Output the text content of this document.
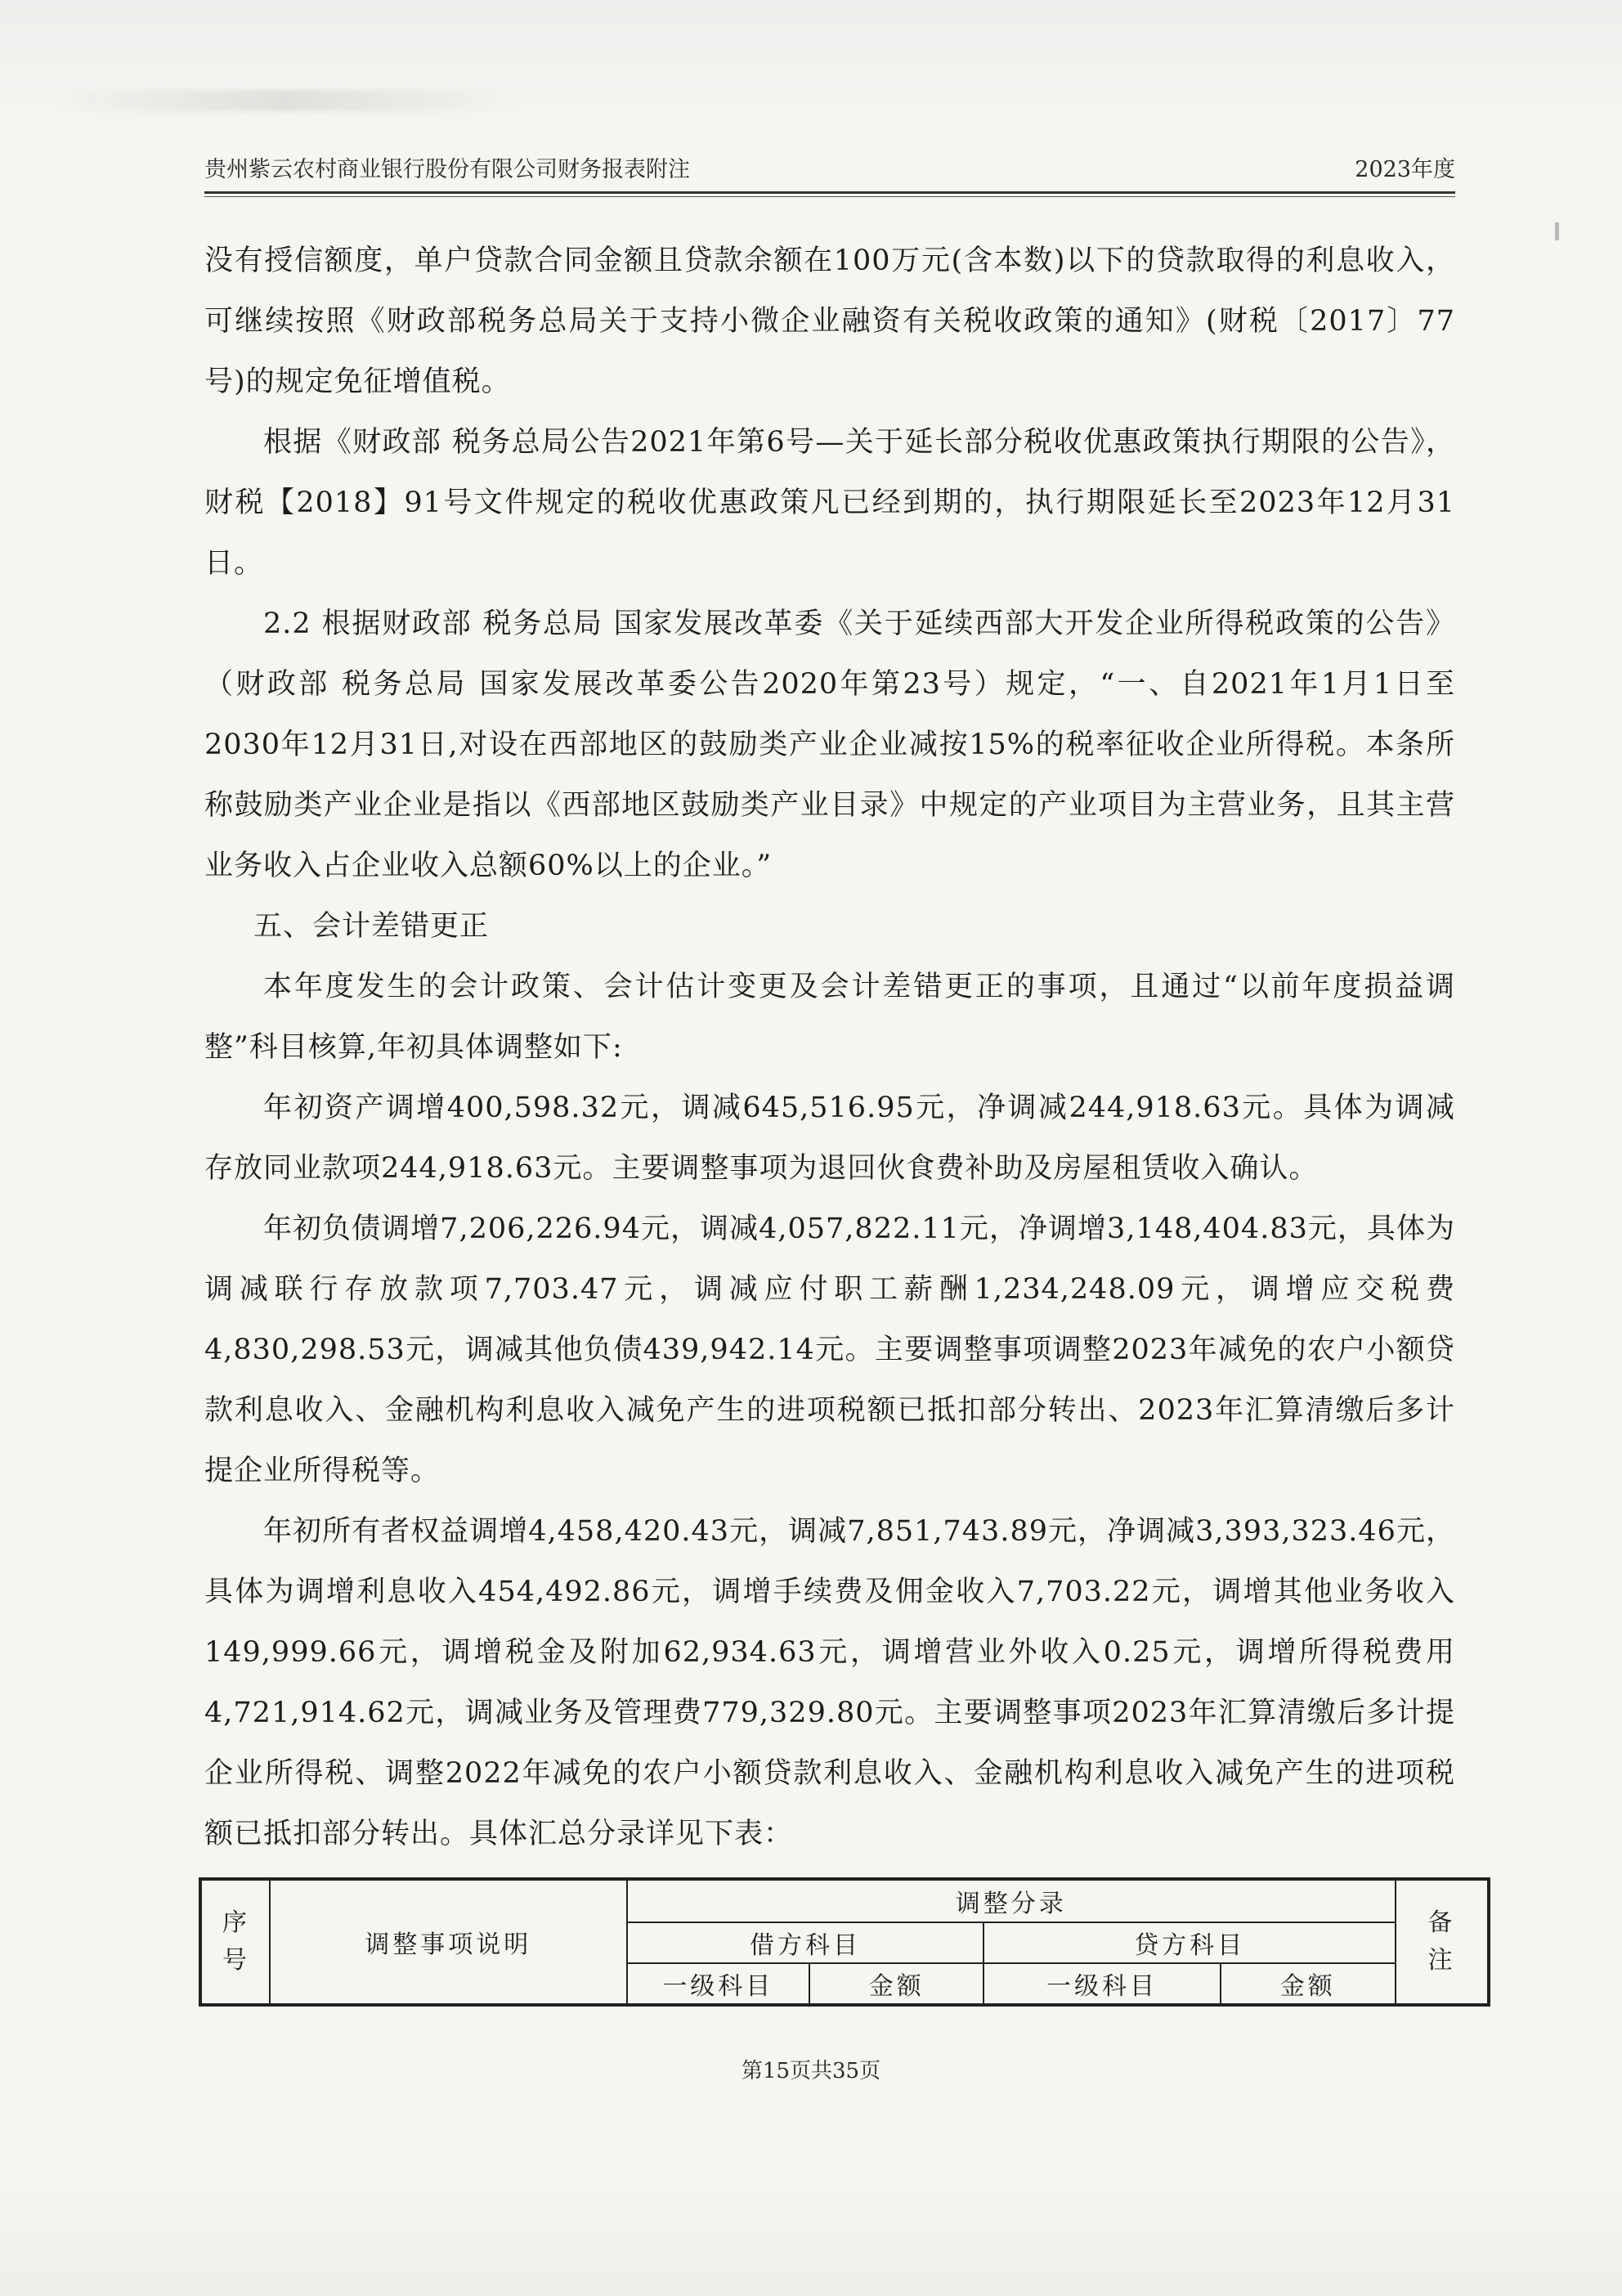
贵州紫云农村商业银行股份有限公司财务报表附注	2023年度

没有授信额度，单户贷款合同金额且贷款余额在100万元(含本数)以下的贷款取得的利息收入，可继续按照《财政部税务总局关于支持小微企业融资有关税收政策的通知》(财税〔2017〕77号)的规定免征增值税。

根据《财政部 税务总局公告2021年第6号—关于延长部分税收优惠政策执行期限的公告》，财税【2018】91号文件规定的税收优惠政策凡已经到期的，执行期限延长至2023年12月31日。

2.2 根据财政部 税务总局 国家发展改革委《关于延续西部大开发企业所得税政策的公告》（财政部 税务总局 国家发展改革委公告2020年第23号）规定，“一、自2021年1月1日至2030年12月31日,对设在西部地区的鼓励类产业企业减按15%的税率征收企业所得税。本条所称鼓励类产业企业是指以《西部地区鼓励类产业目录》中规定的产业项目为主营业务，且其主营业务收入占企业收入总额60%以上的企业。”

五、会计差错更正

本年度发生的会计政策、会计估计变更及会计差错更正的事项，且通过“以前年度损益调整”科目核算,年初具体调整如下:

年初资产调增400,598.32元，调减645,516.95元，净调减244,918.63元。具体为调减存放同业款项244,918.63元。主要调整事项为退回伙食费补助及房屋租赁收入确认。

年初负债调增7,206,226.94元，调减4,057,822.11元，净调增3,148,404.83元，具体为调减联行存放款项7,703.47元，调减应付职工薪酬1,234,248.09元，调增应交税费4,830,298.53元，调减其他负债439,942.14元。主要调整事项调整2023年减免的农户小额贷款利息收入、金融机构利息收入减免产生的进项税额已抵扣部分转出、2023年汇算清缴后多计提企业所得税等。

年初所有者权益调增4,458,420.43元，调减7,851,743.89元，净调减3,393,323.46元，具体为调增利息收入454,492.86元，调增手续费及佣金收入7,703.22元，调增其他业务收入149,999.66元，调增税金及附加62,934.63元，调增营业外收入0.25元，调增所得税费用4,721,914.62元，调减业务及管理费779,329.80元。主要调整事项2023年汇算清缴后多计提企业所得税、调整2022年减免的农户小额贷款利息收入、金融机构利息收入减免产生的进项税额已抵扣部分转出。具体汇总分录详见下表：

序号	调整事项说明	调整分录				备注
		借方科目		贷方科目		
		一级科目	金额	一级科目	金额	
第15页共35页
